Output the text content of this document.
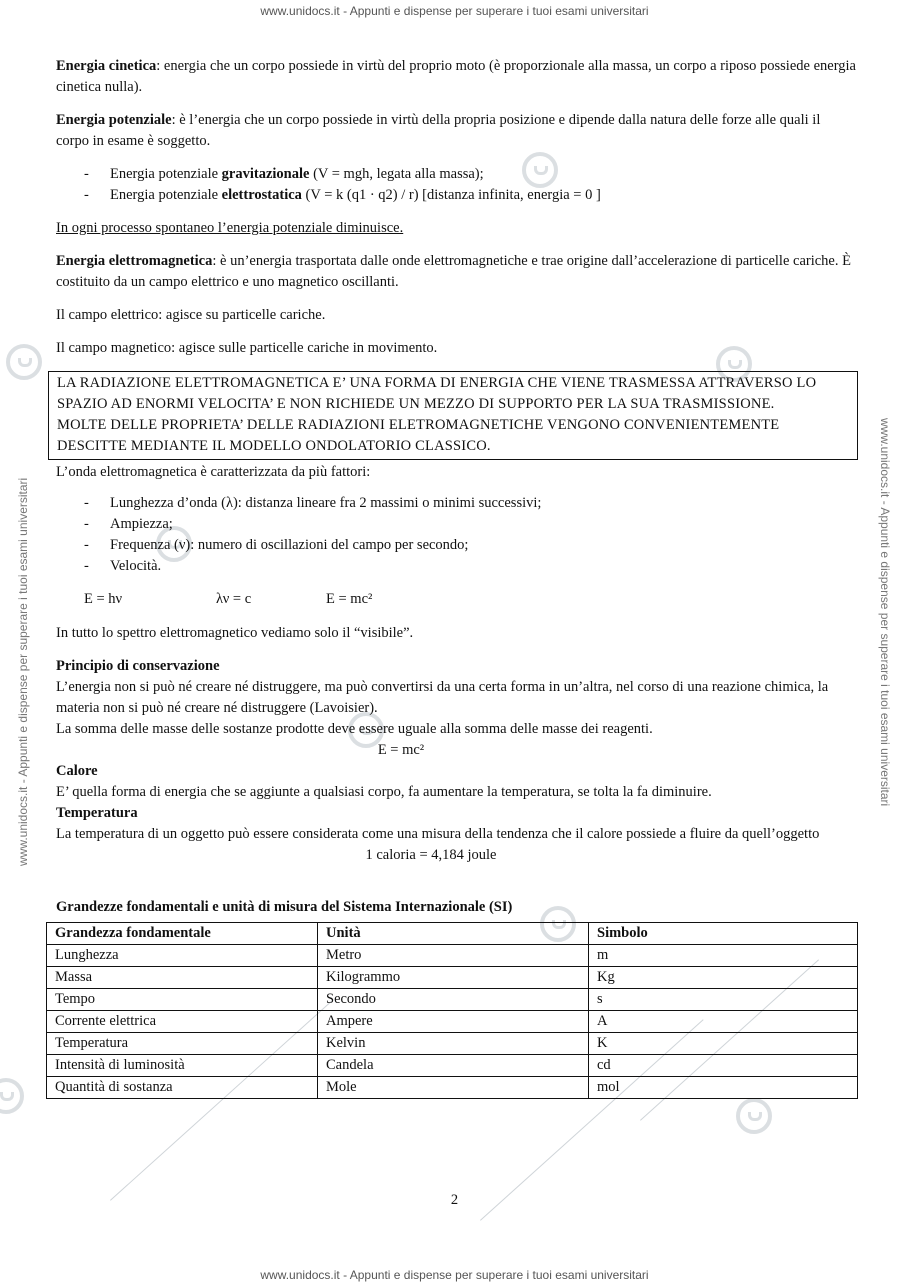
www.unidocs.it - Appunti e dispense per superare i tuoi esami universitari
www.unidocs.it - Appunti e dispense per superare i tuoi esami universitari
www.unidocs.it - Appunti e dispense per superare i tuoi esami universitari	www.unidocs.it - Appunti e dispense per superare i tuoi esami universitari

Energia cinetica: energia che un corpo possiede in virtù del proprio moto (è proporzionale alla massa, un corpo a riposo possiede energia cinetica nulla).

Energia potenziale: è l’energia che un corpo possiede in virtù della propria posizione e dipende dalla natura delle forze alle quali il corpo in esame è soggetto.

- Energia potenziale gravitazionale (V = mgh, legata alla massa);
- Energia potenziale elettrostatica (V = k (q1 · q2) / r) [distanza infinita, energia = 0 ]

In ogni processo spontaneo l’energia potenziale diminuisce.

Energia elettromagnetica: è un’energia trasportata dalle onde elettromagnetiche e trae origine dall’accelerazione di particelle cariche. È costituito da un campo elettrico e uno magnetico oscillanti.

Il campo elettrico: agisce su particelle cariche.

Il campo magnetico: agisce sulle particelle cariche in movimento.

LA RADIAZIONE ELETTROMAGNETICA E’ UNA FORMA DI ENERGIA CHE VIENE TRASMESSA ATTRAVERSO LO SPAZIO AD ENORMI VELOCITA’ E NON RICHIEDE UN MEZZO DI SUPPORTO PER LA SUA TRASMISSIONE.
MOLTE DELLE PROPRIETA’ DELLE RADIAZIONI ELETROMAGNETICHE VENGONO CONVENIENTEMENTE DESCITTE MEDIANTE IL MODELLO ONDOLATORIO CLASSICO.

L’onda elettromagnetica è caratterizzata da più fattori:

- Lunghezza d’onda (λ): distanza lineare fra 2 massimi o minimi successivi;
- Ampiezza;
- Frequenza (ν): numero di oscillazioni del campo per secondo;
- Velocità.
E = hν	λν = c	E = mc²

In tutto lo spettro elettromagnetico vediamo solo il “visibile”.

Principio di conservazione

L’energia non si può né creare né distruggere, ma può convertirsi da una certa forma in un’altra, nel corso di una reazione chimica, la materia non si può né creare né distruggere (Lavoisier).

La somma delle masse delle sostanze prodotte deve essere uguale alla somma delle masse dei reagenti.

E = mc²

Calore

E’ quella forma di energia che se aggiunte a qualsiasi corpo, fa aumentare la temperatura, se tolta la fa diminuire.

Temperatura

La temperatura di un oggetto può essere considerata come una misura della tendenza che il calore possiede a fluire da quell’oggetto

1 caloria = 4,184 joule

Grandezze fondamentali e unità di misura del Sistema Internazionale (SI)

Grandezza fondamentale	Unità	Simbolo
Lunghezza	Metro	m
Massa	Kilogrammo	Kg
Tempo	Secondo	s
Corrente elettrica	Ampere	A
Temperatura	Kelvin	K
Intensità di luminosità	Candela	cd
Quantità di sostanza	Mole	mol
2
